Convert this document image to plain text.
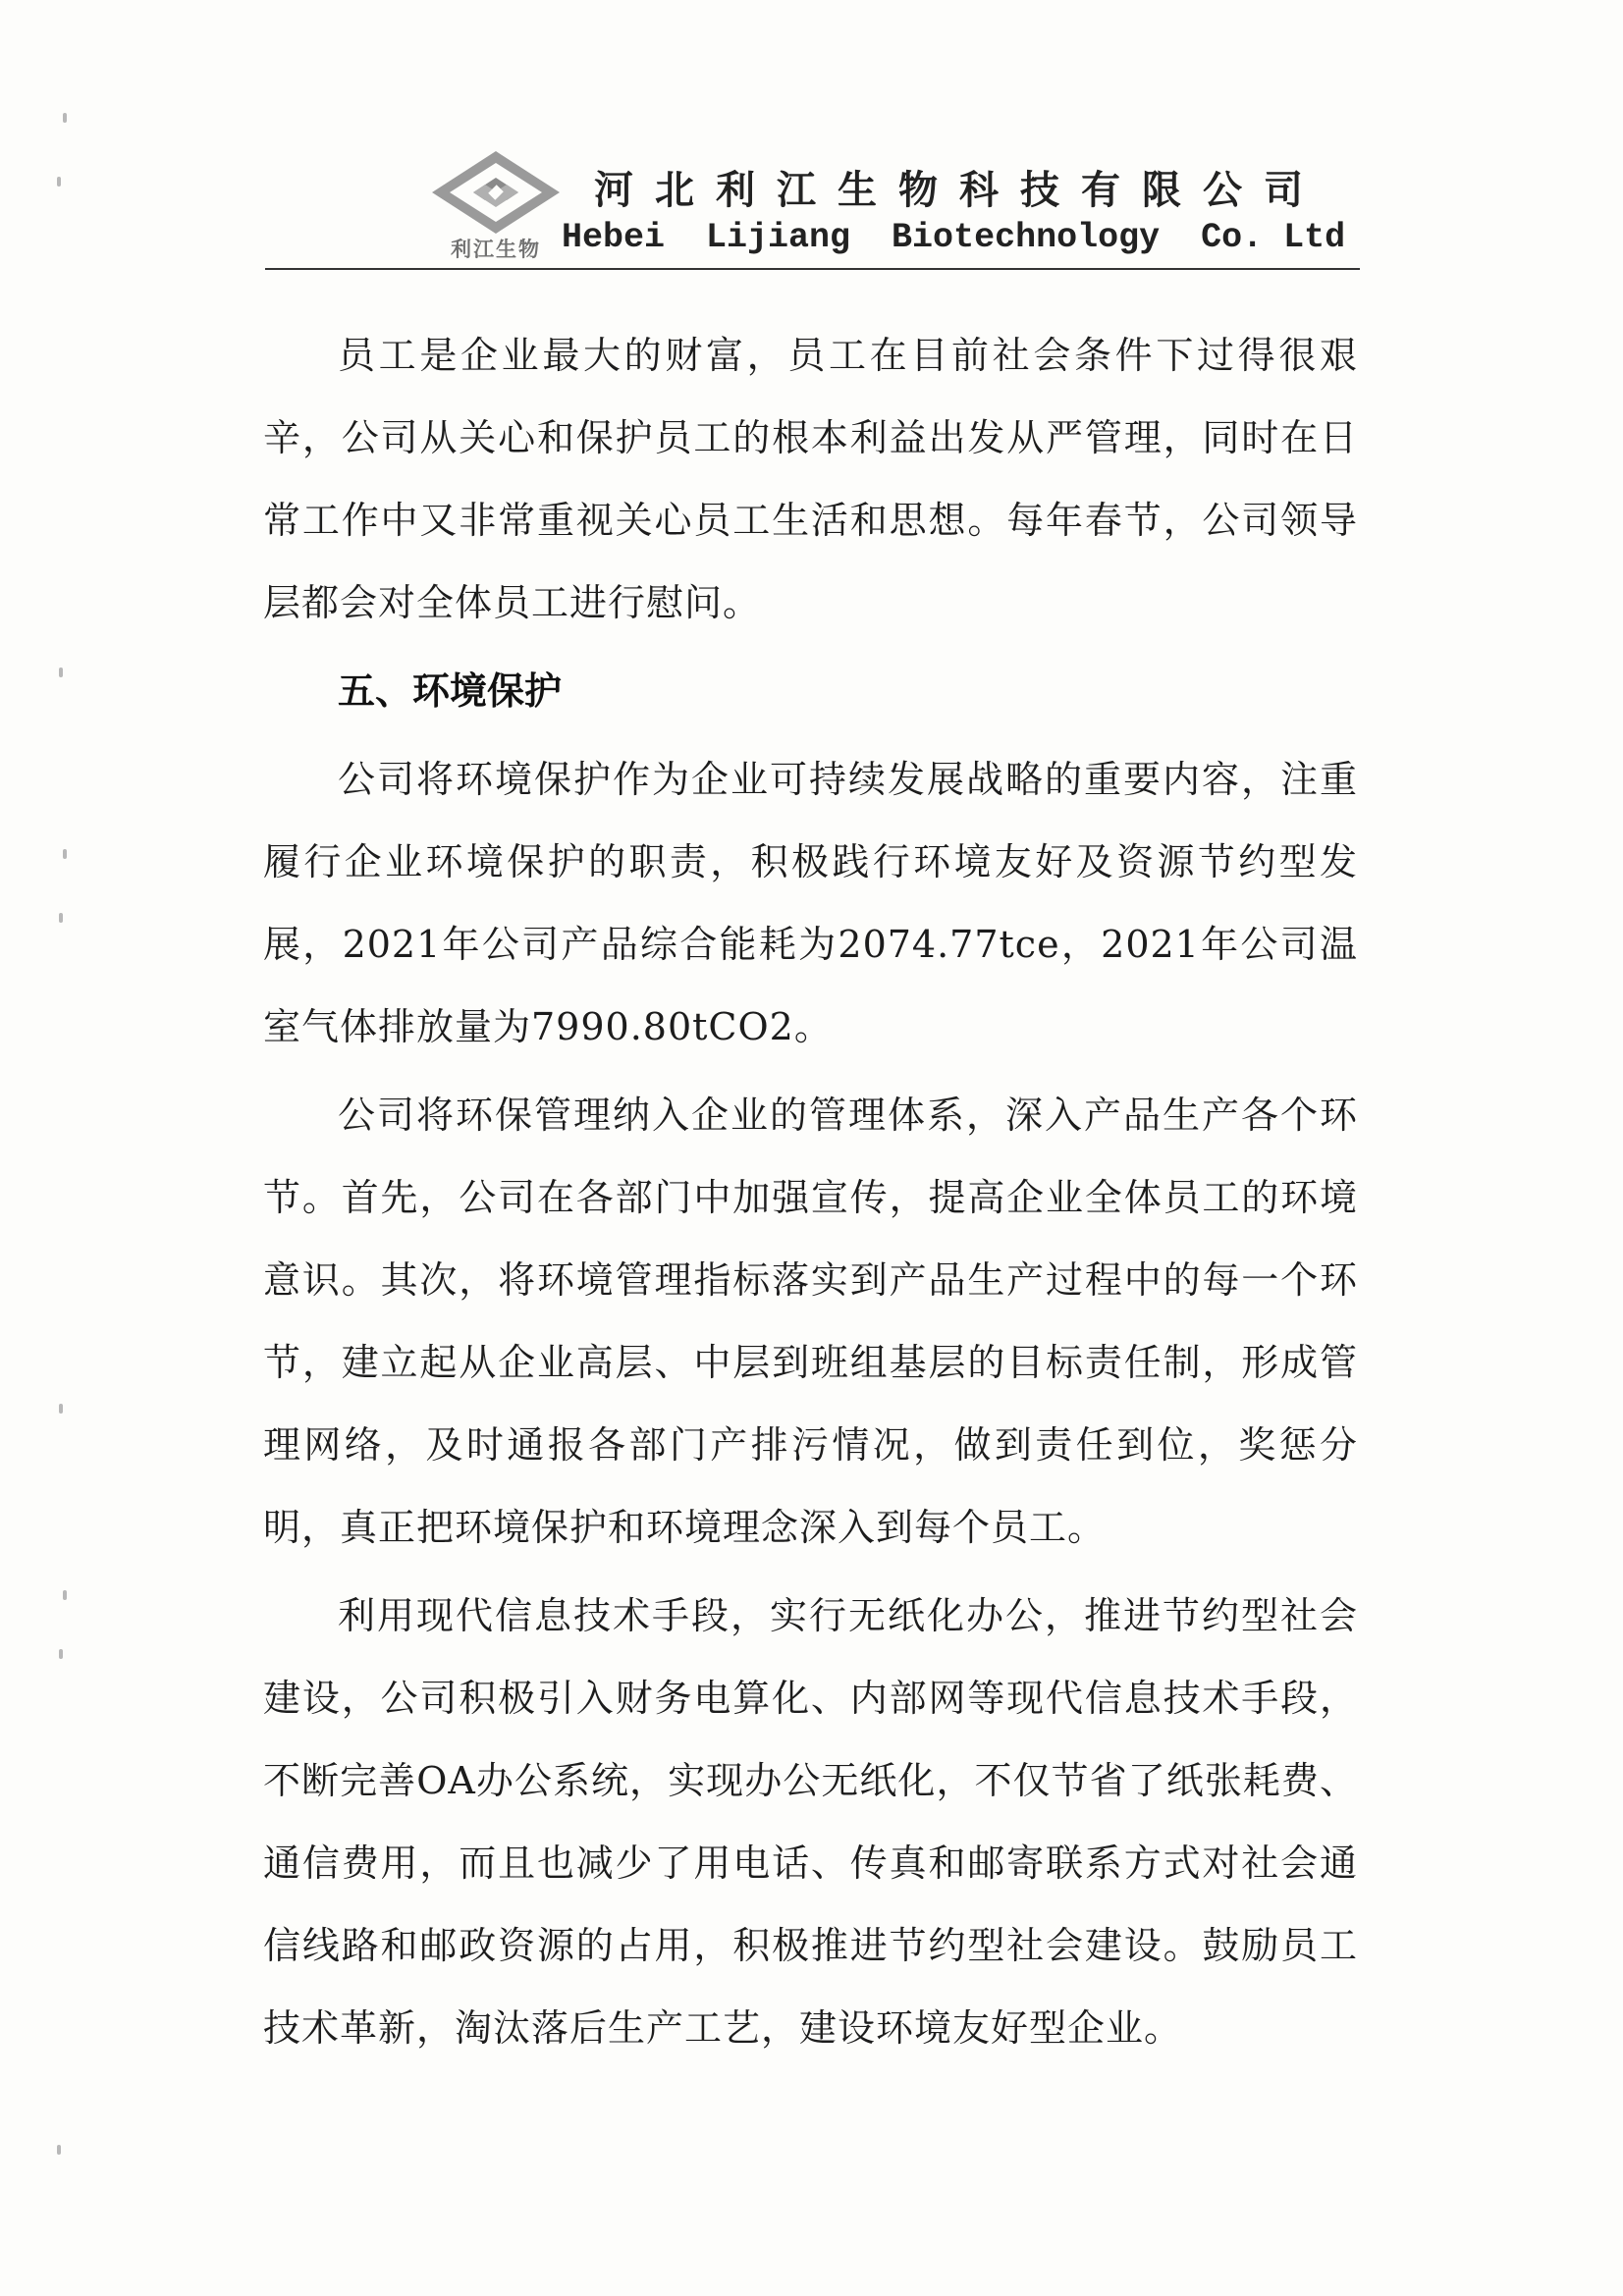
利江生物
河北利江生物科技有限公司
Hebei  Lijiang  Biotechnology  Co. Ltd

员工是企业最大的财富，员工在目前社会条件下过得很艰辛，公司从关心和保护员工的根本利益出发从严管理，同时在日常工作中又非常重视关心员工生活和思想。每年春节，公司领导层都会对全体员工进行慰问。

五、环境保护

公司将环境保护作为企业可持续发展战略的重要内容，注重履行企业环境保护的职责，积极践行环境友好及资源节约型发展，2021年公司产品综合能耗为2074.77tce，2021年公司温室气体排放量为7990.80tCO2。

公司将环保管理纳入企业的管理体系，深入产品生产各个环节。首先，公司在各部门中加强宣传，提高企业全体员工的环境意识。其次，将环境管理指标落实到产品生产过程中的每一个环节，建立起从企业高层、中层到班组基层的目标责任制，形成管理网络，及时通报各部门产排污情况，做到责任到位，奖惩分明，真正把环境保护和环境理念深入到每个员工。

利用现代信息技术手段，实行无纸化办公，推进节约型社会建设，公司积极引入财务电算化、内部网等现代信息技术手段，不断完善OA办公系统，实现办公无纸化，不仅节省了纸张耗费、通信费用，而且也减少了用电话、传真和邮寄联系方式对社会通信线路和邮政资源的占用，积极推进节约型社会建设。鼓励员工技术革新，淘汰落后生产工艺，建设环境友好型企业。
